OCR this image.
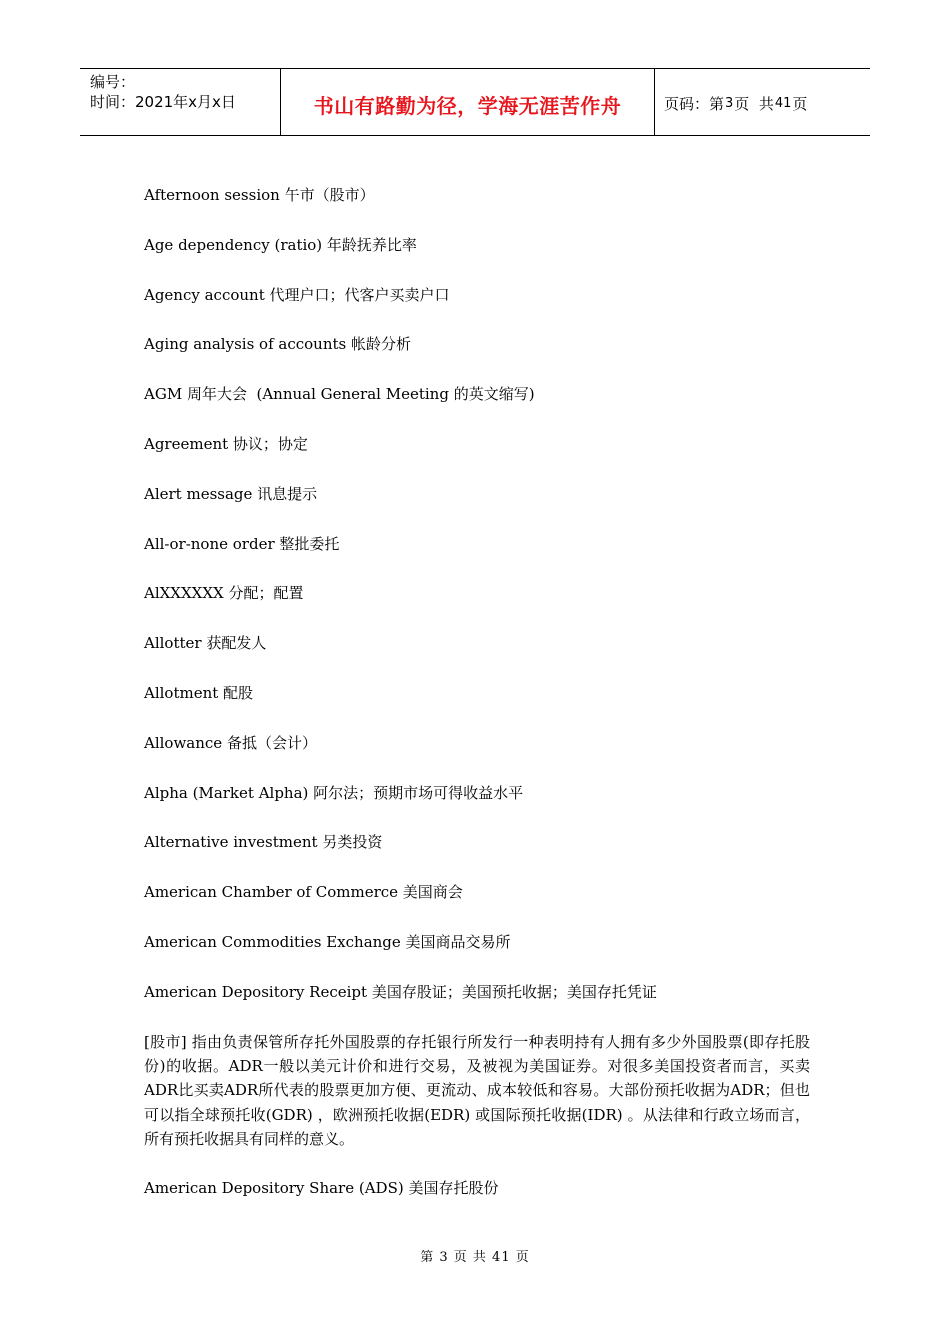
编号：
时间：2021年x月x日	书山有路勤为径，学海无涯苦作舟	页码：第 3 页  共 41 页

Afternoon session 午市（股市）

Age dependency (ratio) 年龄抚养比率

Agency account 代理户口；代客户买卖户口

Aging analysis of accounts 帐龄分析

AGM 周年大会  (Annual General Meeting 的英文缩写)

Agreement 协议；协定

Alert message 讯息提示

All-or-none order 整批委托

AlXXXXXX 分配；配置

Allotter 获配发人

Allotment 配股

Allowance 备抵（会计）

Alpha (Market Alpha) 阿尔法；预期市场可得收益水平

Alternative investment 另类投资

American Chamber of Commerce 美国商会

American Commodities Exchange 美国商品交易所

American Depository Receipt 美国存股证；美国预托收据；美国存托凭证

[股市] 指由负责保管所存托外国股票的存托银行所发行一种表明持有人拥有多少外国股票(即存托股份)的收据。ADR一般以美元计价和进行交易，及被视为美国证券。对很多美国投资者而言，买卖ADR比买卖ADR所代表的股票更加方便、更流动、成本较低和容易。大部份预托收据为ADR；但也可以指全球预托收(GDR) ，欧洲预托收据(EDR) 或国际预托收据(IDR) 。从法律和行政立场而言，所有预托收据具有同样的意义。

American Depository Share (ADS) 美国存托股份

第 3 页 共 41 页
